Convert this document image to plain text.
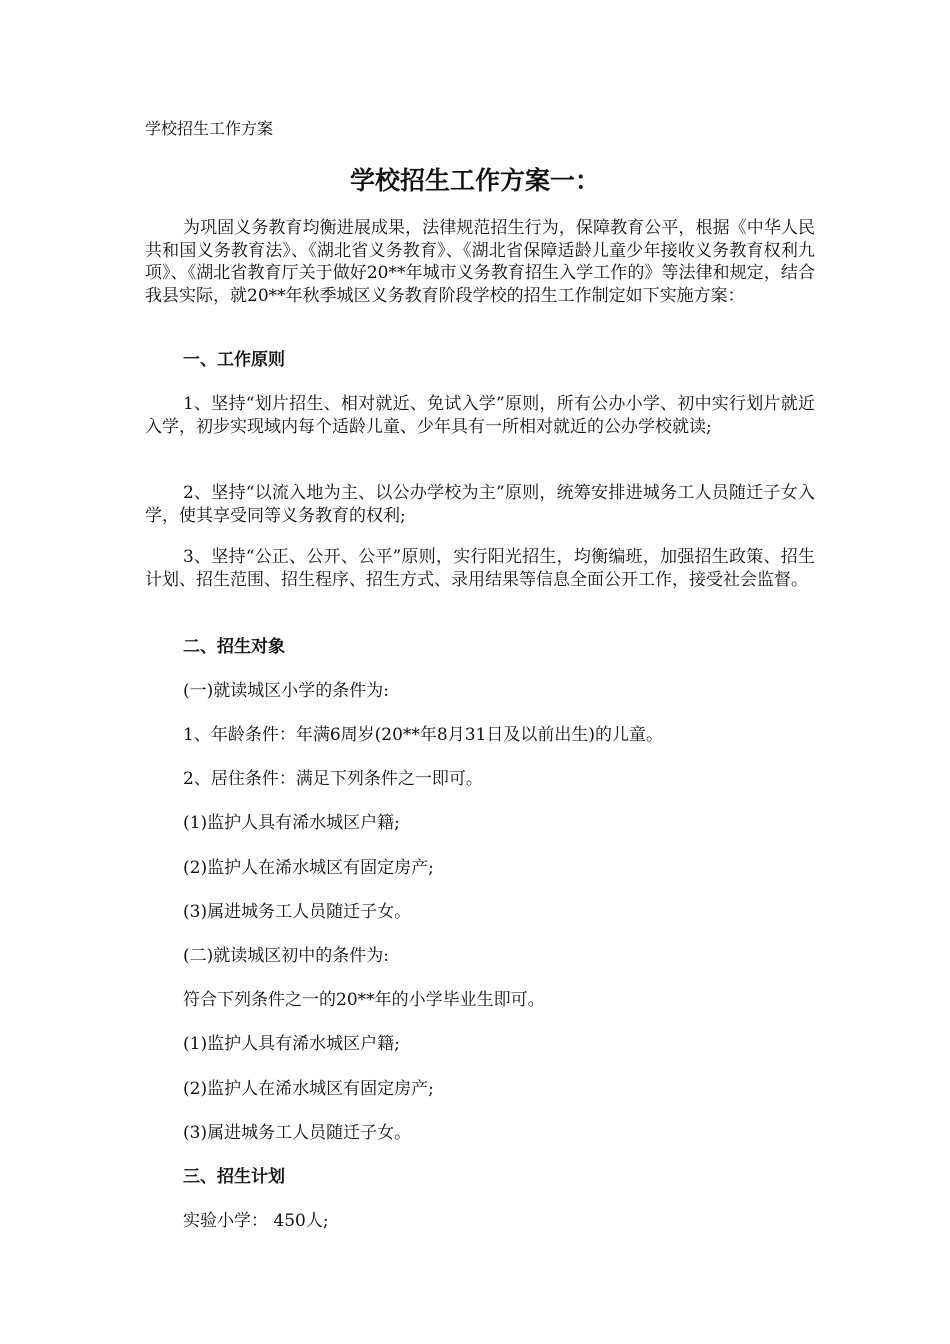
学校招生工作方案
学校招生工作方案一：
为巩固义务教育均衡进展成果，法律规范招生行为，保障教育公平，根据《中华人民共和国义务教育法》、《湖北省义务教育》、《湖北省保障适龄儿童少年接收义务教育权利九项》、《湖北省教育厅关于做好20**年城市义务教育招生入学工作的》等法律和规定，结合我县实际，就20**年秋季城区义务教育阶段学校的招生工作制定如下实施方案：
一、工作原则
1、坚持“划片招生、相对就近、免试入学”原则，所有公办小学、初中实行划片就近入学，初步实现域内每个适龄儿童、少年具有一所相对就近的公办学校就读;
2、坚持“以流入地为主、以公办学校为主”原则，统筹安排进城务工人员随迁子女入学，使其享受同等义务教育的权利;
3、坚持“公正、公开、公平”原则，实行阳光招生，均衡编班，加强招生政策、招生计划、招生范围、招生程序、招生方式、录用结果等信息全面公开工作，接受社会监督。
二、招生对象
(一)就读城区小学的条件为:
1、年龄条件：年满6周岁(20**年8月31日及以前出生)的儿童。
2、居住条件：满足下列条件之一即可。
(1)监护人具有浠水城区户籍;
(2)监护人在浠水城区有固定房产;
(3)属进城务工人员随迁子女。
(二)就读城区初中的条件为:
符合下列条件之一的20**年的小学毕业生即可。
(1)监护人具有浠水城区户籍;
(2)监护人在浠水城区有固定房产;
(3)属进城务工人员随迁子女。
三、招生计划
实验小学： 450人;
